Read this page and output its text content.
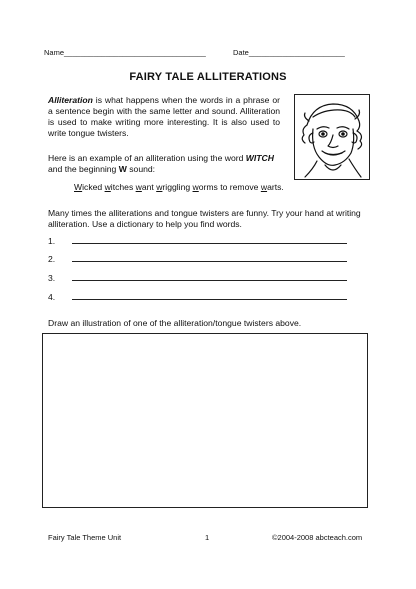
Name__________________________________	Date_______________________
FAIRY TALE ALLITERATIONS
Alliteration is what happens when the words in a phrase or a sentence begin with the same letter and sound. Alliteration is used to make writing more interesting. It is also used to write tongue twisters.
Here is an example of an alliteration using the word WITCH and the beginning W sound:
Wicked witches want wriggling worms to remove warts.
Many times the alliterations and tongue twisters are funny. Try your hand at writing alliteration. Use a dictionary to help you find words.
1.
2.
3.
4.
Draw an illustration of one of the alliteration/tongue twisters above.
Fairy Tale Theme Unit	1	©2004-2008 abcteach.com
